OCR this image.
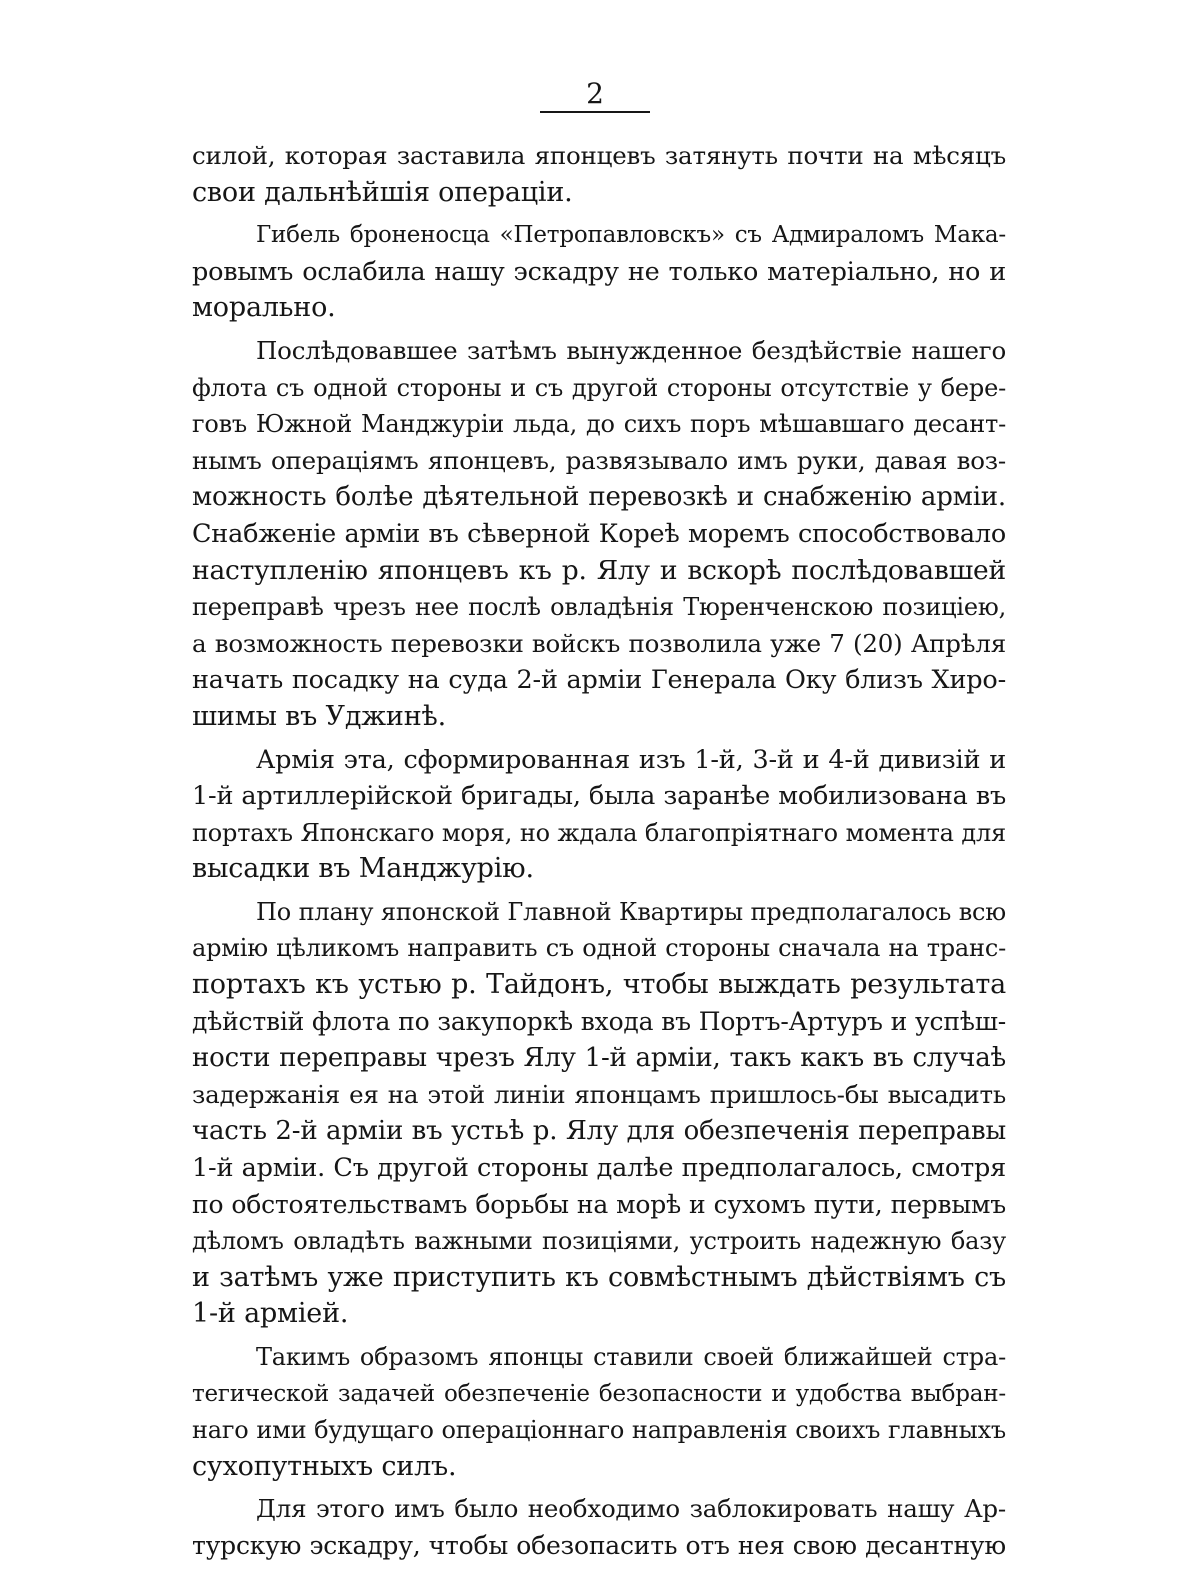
2
силой, которая заставила японцевъ затянуть почти на мѣсяцъ
свои дальнѣйшія операціи.
Гибель броненосца «Петропавловскъ» съ Адмираломъ Мака-
ровымъ ослабила нашу эскадру не только матеріально, но и
морально.
Послѣдовавшее затѣмъ вынужденное бездѣйствіе нашего
флота съ одной стороны и съ другой стороны отсутствіе у бере-
говъ Южной Манджуріи льда, до сихъ поръ мѣшавшаго десант-
нымъ операціямъ японцевъ, развязывало имъ руки, давая воз-
можность болѣе дѣятельной перевозкѣ и снабженію арміи.
Снабженіе арміи въ сѣверной Кореѣ моремъ способствовало
наступленію японцевъ къ р. Ялу и вскорѣ послѣдовавшей
переправѣ чрезъ нее послѣ овладѣнія Тюренченскою позиціею,
а возможность перевозки войскъ позволила уже 7 (20) Апрѣля
начать посадку на суда 2-й арміи Генерала Оку близъ Хиро-
шимы въ Уджинѣ.
Армія эта, сформированная изъ 1-й, 3-й и 4-й дивизій и
1-й артиллерійской бригады, была заранѣе мобилизована въ
портахъ Японскаго моря, но ждала благопріятнаго момента для
высадки въ Манджурію.
По плану японской Главной Квартиры предполагалось всю
армію цѣликомъ направить съ одной стороны сначала на транс-
портахъ къ устью р. Тайдонъ, чтобы выждать результата
дѣйствій флота по закупоркѣ входа въ Портъ-Артуръ и успѣш-
ности переправы чрезъ Ялу 1-й арміи, такъ какъ въ случаѣ
задержанія ея на этой линіи японцамъ пришлось-бы высадить
часть 2-й арміи въ устьѣ р. Ялу для обезпеченія переправы
1-й арміи. Съ другой стороны далѣе предполагалось, смотря
по обстоятельствамъ борьбы на морѣ и сухомъ пути, первымъ
дѣломъ овладѣть важными позиціями, устроить надежную базу
и затѣмъ уже приступить къ совмѣстнымъ дѣйствіямъ съ
1-й арміей.
Такимъ образомъ японцы ставили своей ближайшей стра-
тегической задачей обезпеченіе безопасности и удобства выбран-
наго ими будущаго операціоннаго направленія своихъ главныхъ
сухопутныхъ силъ.
Для этого имъ было необходимо заблокировать нашу Ар-
турскую эскадру, чтобы обезопасить отъ нея свою десантную
